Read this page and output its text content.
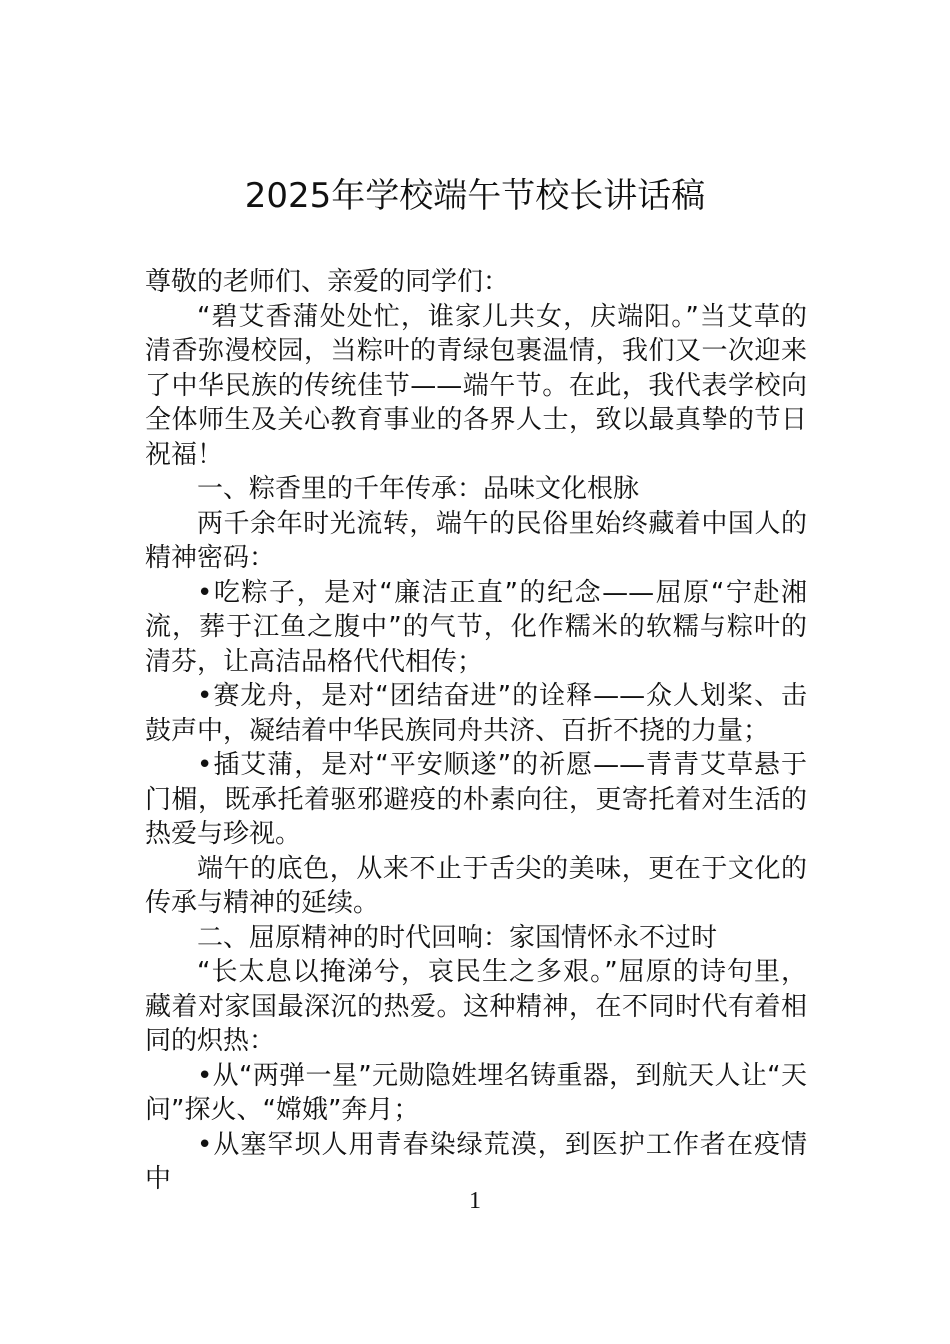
2025年学校端午节校长讲话稿

尊敬的老师们、亲爱的同学们：

“碧艾香蒲处处忙，谁家儿共女，庆端阳。”当艾草的清香弥漫校园，当粽叶的青绿包裹温情，我们又一次迎来了中华民族的传统佳节——端午节。在此，我代表学校向全体师生及关心教育事业的各界人士，致以最真挚的节日祝福！

一、粽香里的千年传承：品味文化根脉

两千余年时光流转，端午的民俗里始终藏着中国人的精神密码：

•吃粽子，是对“廉洁正直”的纪念——屈原“宁赴湘流，葬于江鱼之腹中”的气节，化作糯米的软糯与粽叶的清芬，让高洁品格代代相传；

•赛龙舟，是对“团结奋进”的诠释——众人划桨、击鼓声中，凝结着中华民族同舟共济、百折不挠的力量；

•插艾蒲，是对“平安顺遂”的祈愿——青青艾草悬于门楣，既承托着驱邪避疫的朴素向往，更寄托着对生活的热爱与珍视。

端午的底色，从来不止于舌尖的美味，更在于文化的传承与精神的延续。

二、屈原精神的时代回响：家国情怀永不过时

“长太息以掩涕兮，哀民生之多艰。”屈原的诗句里，藏着对家国最深沉的热爱。这种精神，在不同时代有着相同的炽热：

•从“两弹一星”元勋隐姓埋名铸重器，到航天人让“天问”探火、“嫦娥”奔月；

•从塞罕坝人用青春染绿荒漠，到医护工作者在疫情中

1
